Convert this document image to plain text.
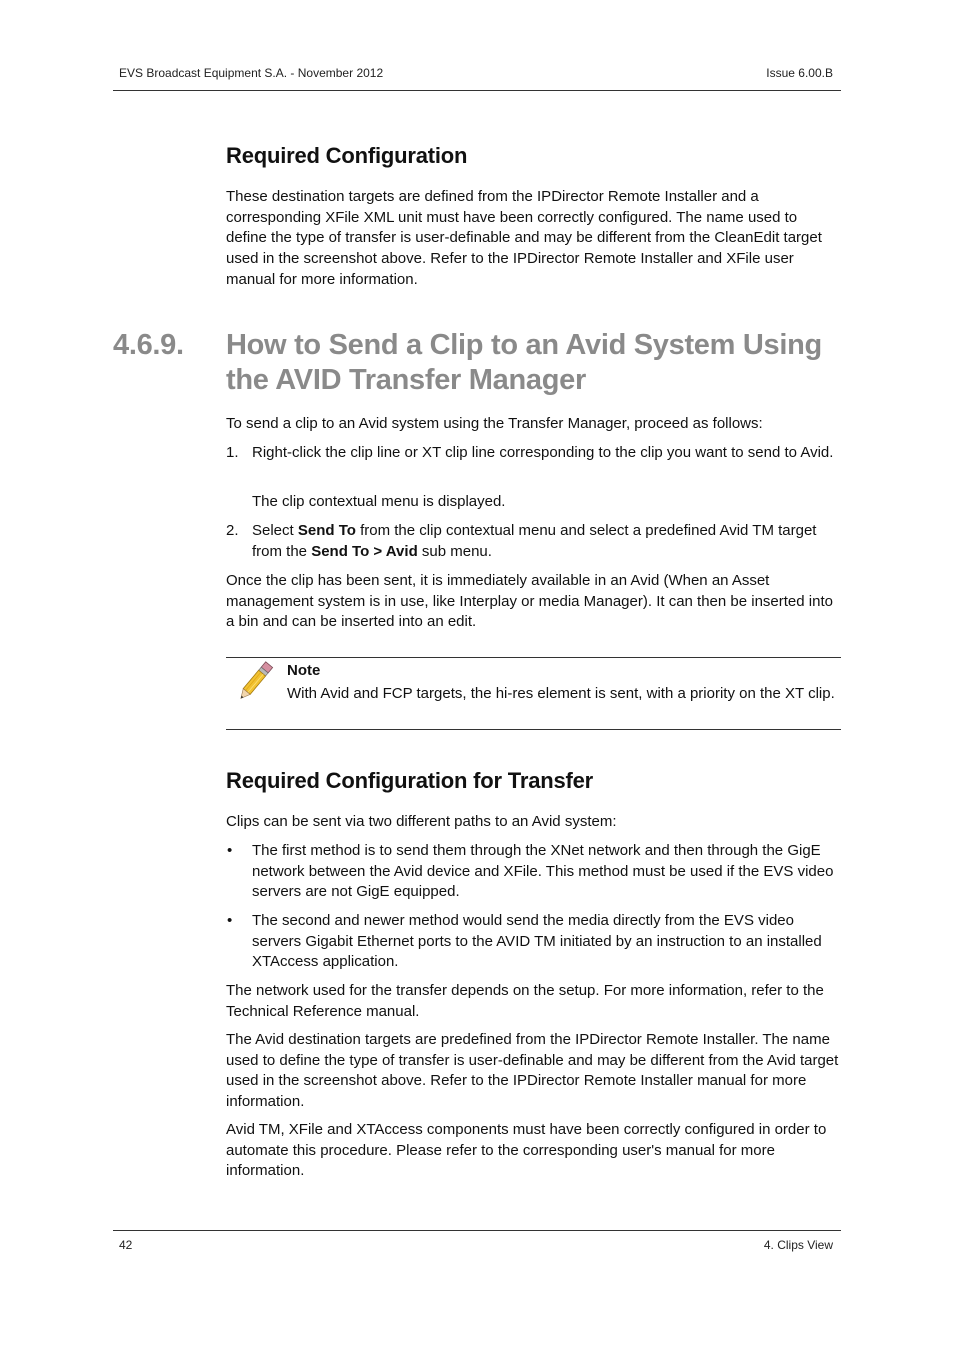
EVS Broadcast Equipment S.A. - November 2012	Issue 6.00.B
Required Configuration

These destination targets are defined from the IPDirector Remote Installer and a corresponding XFile XML unit must have been correctly configured. The name used to define the type of transfer is user-definable and may be different from the CleanEdit target used in the screenshot above. Refer to the IPDirector Remote Installer and XFile user manual for more information.

4.6.9. How to Send a Clip to an Avid System Using the AVID Transfer Manager

To send a clip to an Avid system using the Transfer Manager, proceed as follows:

1. Right-click the clip line or XT clip line corresponding to the clip you want to send to Avid.

The clip contextual menu is displayed.

2. Select Send To from the clip contextual menu and select a predefined Avid TM target from the Send To > Avid sub menu.

Once the clip has been sent, it is immediately available in an Avid (When an Asset management system is in use, like Interplay or media Manager). It can then be inserted into a bin and can be inserted into an edit.

Note

With Avid and FCP targets, the hi-res element is sent, with a priority on the XT clip.

Required Configuration for Transfer

Clips can be sent via two different paths to an Avid system:

• The first method is to send them through the XNet network and then through the GigE network between the Avid device and XFile. This method must be used if the EVS video servers are not GigE equipped.

• The second and newer method would send the media directly from the EVS video servers Gigabit Ethernet ports to the AVID TM initiated by an instruction to an installed XTAccess application.

The network used for the transfer depends on the setup. For more information, refer to the Technical Reference manual.

The Avid destination targets are predefined from the IPDirector Remote Installer. The name used to define the type of transfer is user-definable and may be different from the Avid target used in the screenshot above. Refer to the IPDirector Remote Installer manual for more information.

Avid TM, XFile and XTAccess components must have been correctly configured in order to automate this procedure. Please refer to the corresponding user's manual for more information.

42	4. Clips View
